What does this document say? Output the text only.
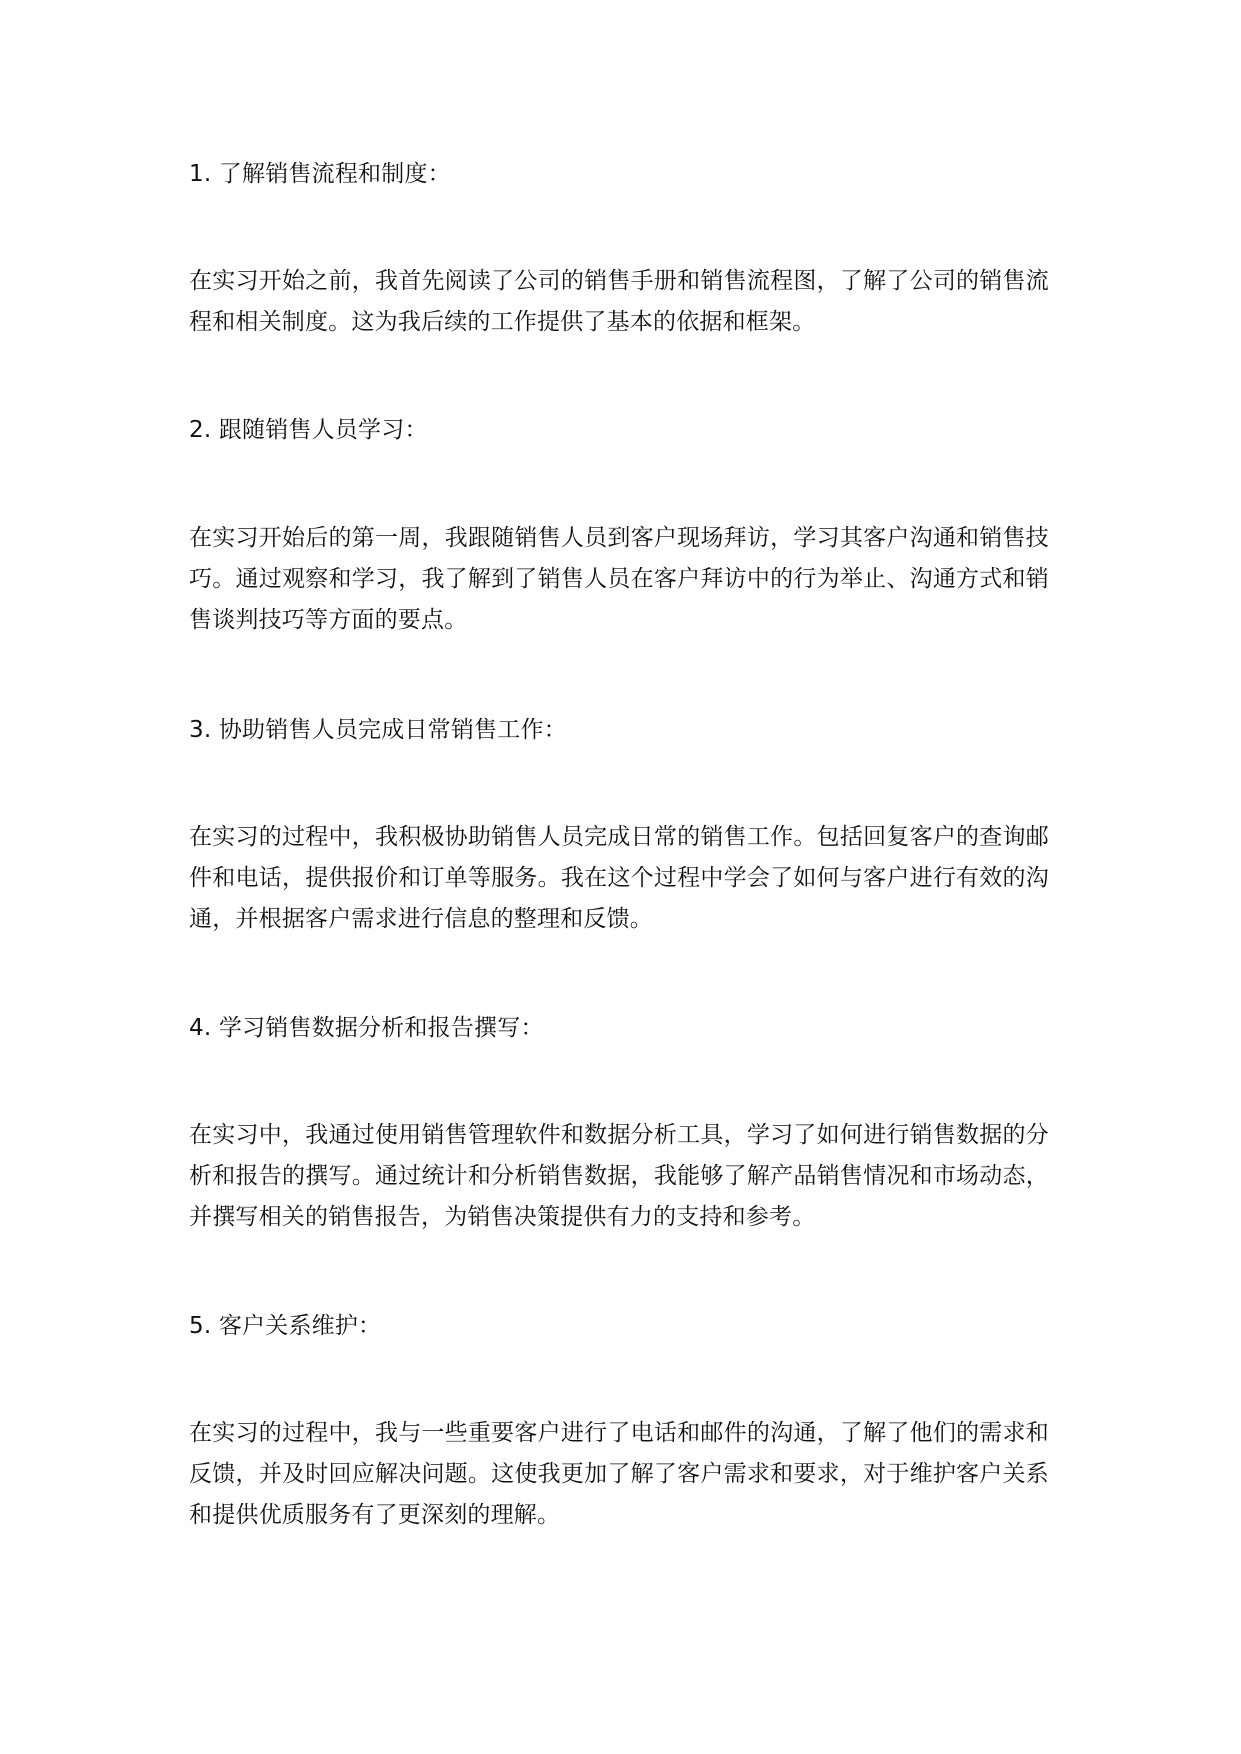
1. 了解销售流程和制度：

在实习开始之前，我首先阅读了公司的销售手册和销售流程图，了解了公司的销售流程和相关制度。这为我后续的工作提供了基本的依据和框架。

2. 跟随销售人员学习：

在实习开始后的第一周，我跟随销售人员到客户现场拜访，学习其客户沟通和销售技巧。通过观察和学习，我了解到了销售人员在客户拜访中的行为举止、沟通方式和销售谈判技巧等方面的要点。

3. 协助销售人员完成日常销售工作：

在实习的过程中，我积极协助销售人员完成日常的销售工作。包括回复客户的查询邮件和电话，提供报价和订单等服务。我在这个过程中学会了如何与客户进行有效的沟通，并根据客户需求进行信息的整理和反馈。

4. 学习销售数据分析和报告撰写：

在实习中，我通过使用销售管理软件和数据分析工具，学习了如何进行销售数据的分析和报告的撰写。通过统计和分析销售数据，我能够了解产品销售情况和市场动态，并撰写相关的销售报告，为销售决策提供有力的支持和参考。

5. 客户关系维护：

在实习的过程中，我与一些重要客户进行了电话和邮件的沟通，了解了他们的需求和反馈，并及时回应解决问题。这使我更加了解了客户需求和要求，对于维护客户关系和提供优质服务有了更深刻的理解。
